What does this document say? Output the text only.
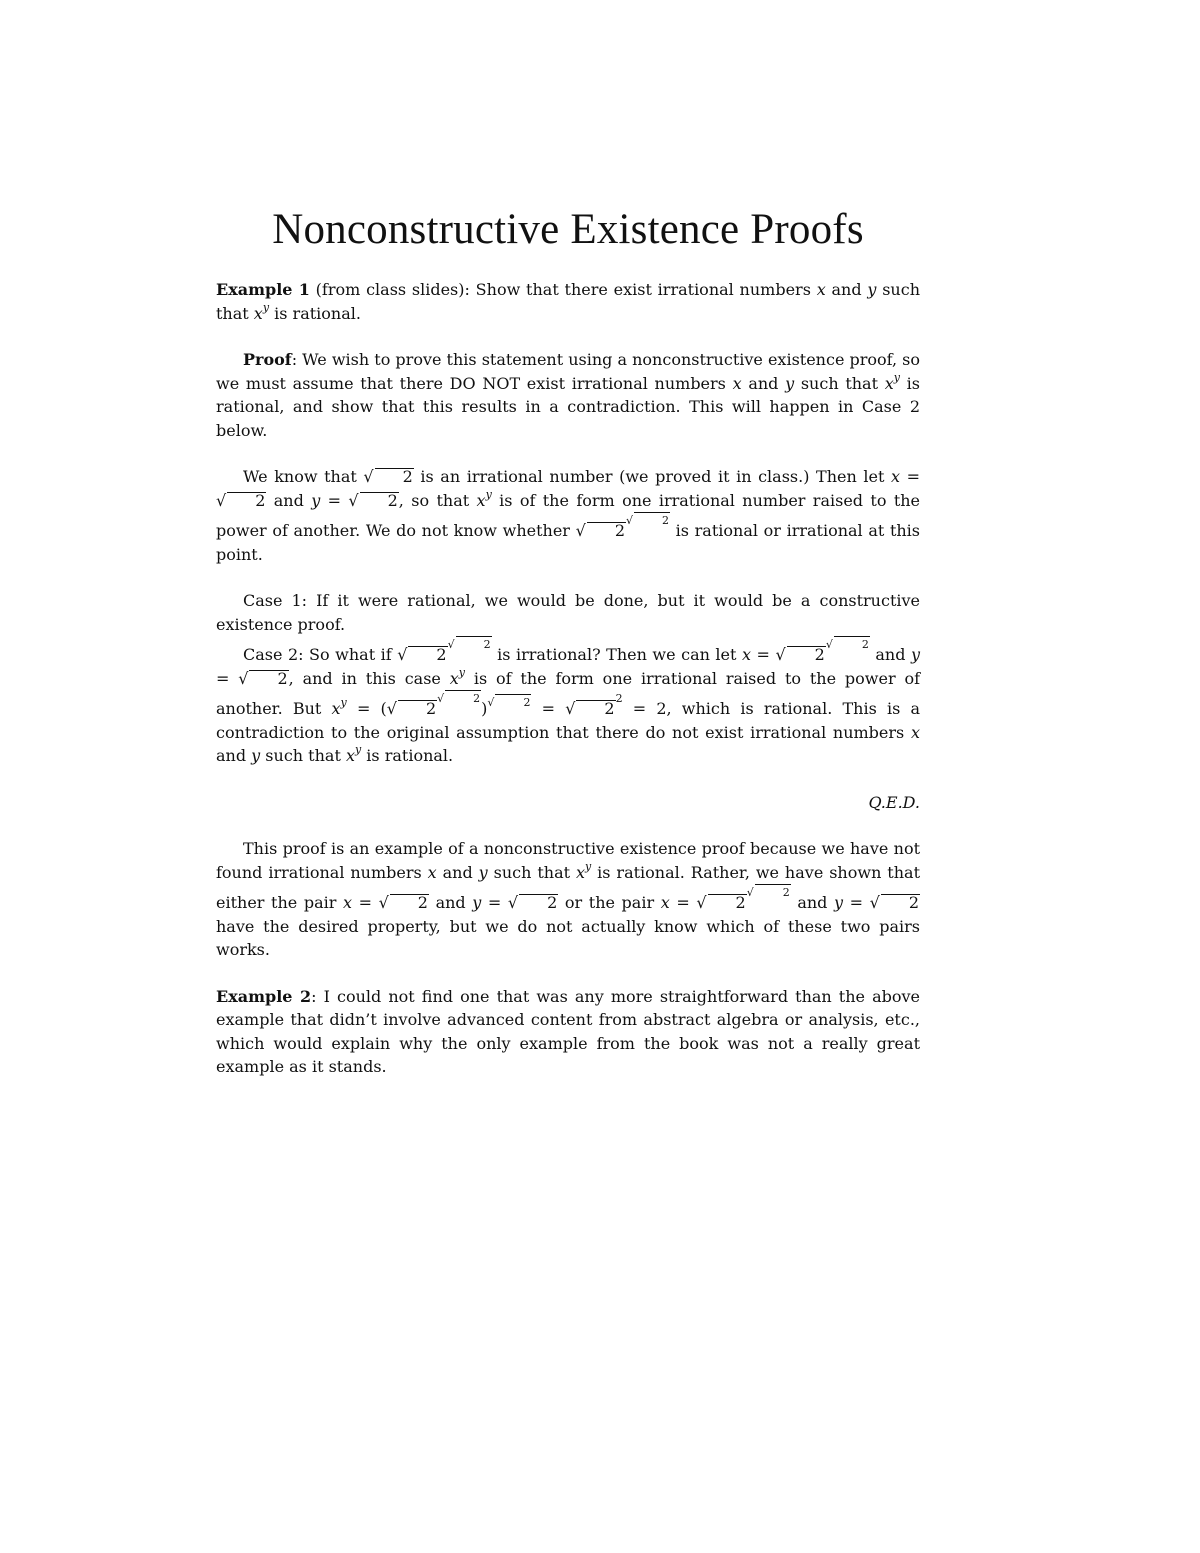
Nonconstructive Existence Proofs

Example 1 (from class slides): Show that there exist irrational numbers x and y such that $x^y$ is rational.

Proof: We wish to prove this statement using a nonconstructive existence proof, so we must assume that there DO NOT exist irrational numbers x and y such that $x^y$ is rational, and show that this results in a contradiction. This will happen in Case 2 below.

We know that √ 2 is an irrational number (we proved it in class.) Then let x = √ 2 and y = √ 2, so that $x^y$ is of the form one irrational number raised to the power of another. We do not know whether √ $2^{√ 2}$ is rational or irrational at this point.

Case 1: If it were rational, we would be done, but it would be a constructive existence proof.

Case 2: So what if √ $2^{√ 2}$ is irrational? Then we can let x = √ $2^{√ 2}$ and y = √ 2, and in this case $x^y$ is of the form one irrational raised to the power of another. But $x^y$ = (√ $2^{√ 2})^{√ 2}$ = √ $2^2 = 2$, which is rational. This is a contradiction to the original assumption that there do not exist irrational numbers x and y such that $x^y$ is rational.

Q.E.D.

This proof is an example of a nonconstructive existence proof because we have not found irrational numbers x and y such that $x^y$ is rational. Rather, we have shown that either the pair x = √ 2 and y = √ 2 or the pair x = √ $2^{√ 2}$ and y = √ 2 have the desired property, but we do not actually know which of these two pairs works.

Example 2: I could not find one that was any more straightforward than the above example that didn’t involve advanced content from abstract algebra or analysis, etc., which would explain why the only example from the book was not a really great example as it stands.
